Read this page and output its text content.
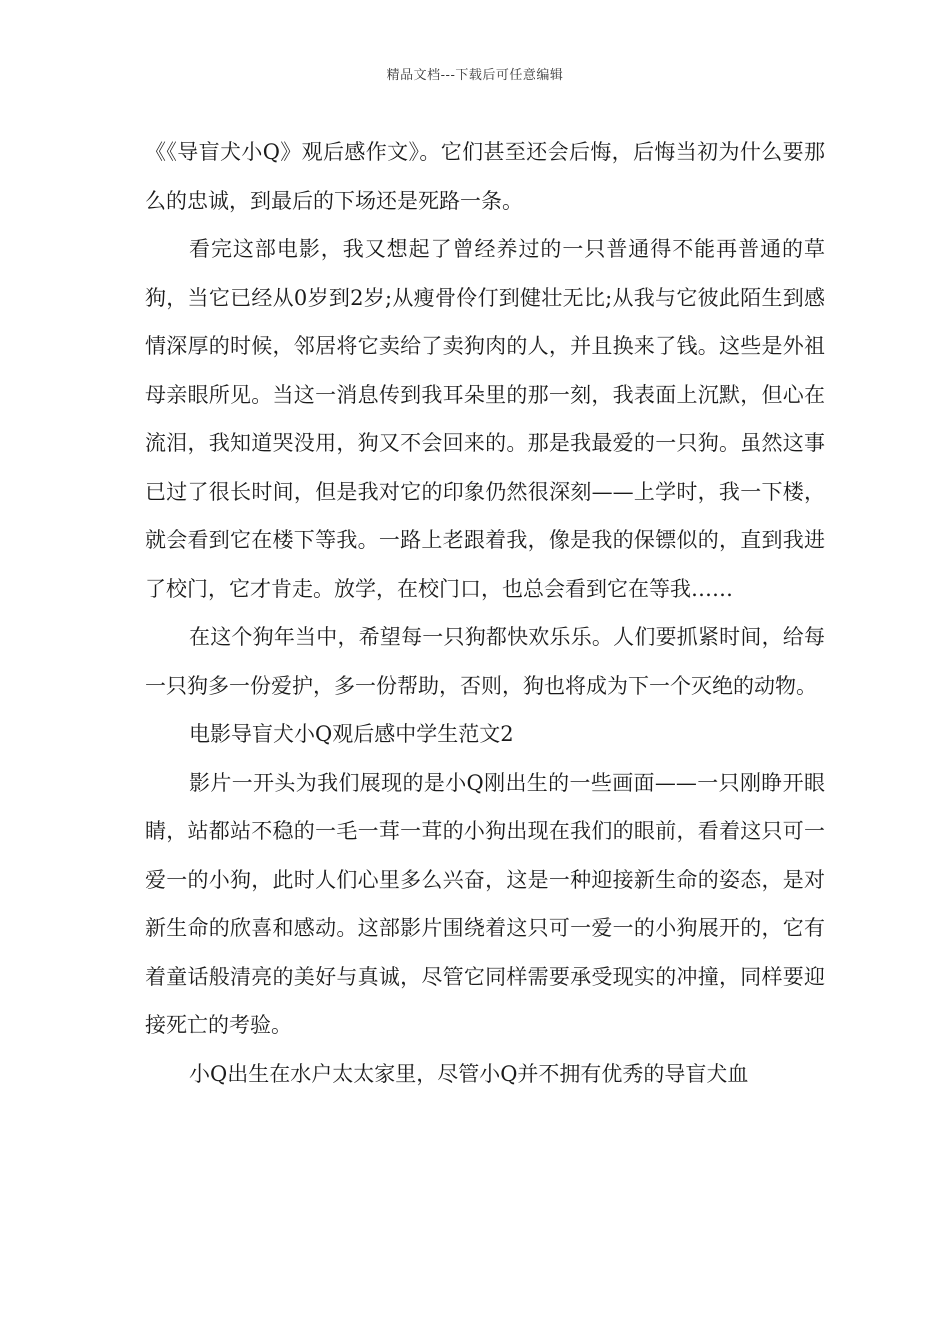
精品文档---下载后可任意编辑

《《导盲犬小Q》观后感作文》。它们甚至还会后悔，后悔当初为什么要那么的忠诚，到最后的下场还是死路一条。

看完这部电影，我又想起了曾经养过的一只普通得不能再普通的草狗，当它已经从0岁到2岁;从瘦骨伶仃到健壮无比;从我与它彼此陌生到感情深厚的时候，邻居将它卖给了卖狗肉的人，并且换来了钱。这些是外祖母亲眼所见。当这一消息传到我耳朵里的那一刻，我表面上沉默，但心在流泪，我知道哭没用，狗又不会回来的。那是我最爱的一只狗。虽然这事已过了很长时间，但是我对它的印象仍然很深刻——上学时，我一下楼，就会看到它在楼下等我。一路上老跟着我，像是我的保镖似的，直到我进了校门，它才肯走。放学，在校门口，也总会看到它在等我……

在这个狗年当中，希望每一只狗都快欢乐乐。人们要抓紧时间，给每一只狗多一份爱护，多一份帮助，否则，狗也将成为下一个灭绝的动物。

电影导盲犬小Q观后感中学生范文2

影片一开头为我们展现的是小Q刚出生的一些画面——一只刚睁开眼睛，站都站不稳的一毛一茸一茸的小狗出现在我们的眼前，看着这只可一爱一的小狗，此时人们心里多么兴奋，这是一种迎接新生命的姿态，是对新生命的欣喜和感动。这部影片围绕着这只可一爱一的小狗展开的，它有着童话般清亮的美好与真诚，尽管它同样需要承受现实的冲撞，同样要迎接死亡的考验。

小Q出生在水户太太家里，尽管小Q并不拥有优秀的导盲犬血
